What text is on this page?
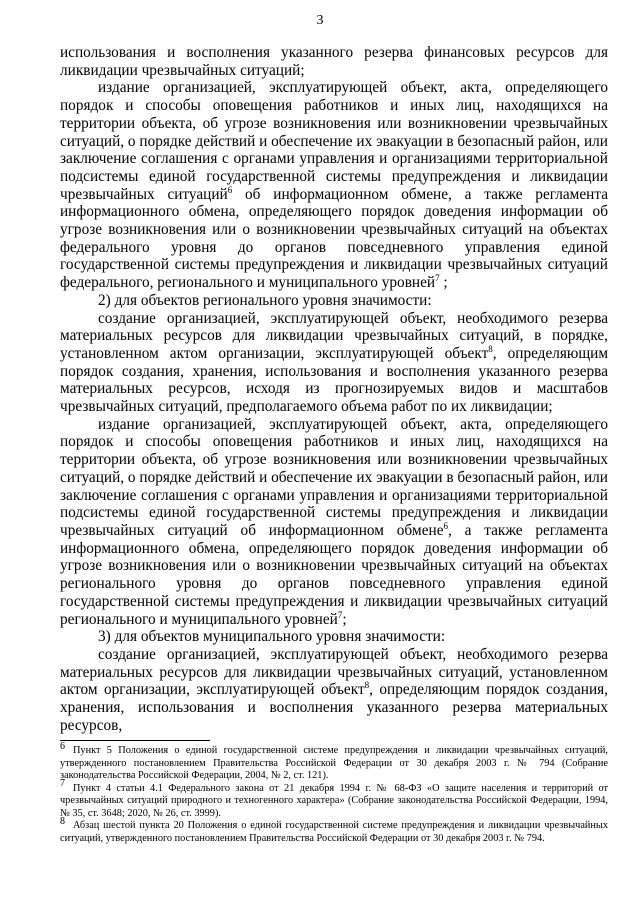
3

использования и восполнения указанного резерва финансовых ресурсов для ликвидации чрезвычайных ситуаций;

издание организацией, эксплуатирующей объект, акта, определяющего порядок и способы оповещения работников и иных лиц, находящихся на территории объекта, об угрозе возникновения или возникновении чрезвычайных ситуаций, о порядке действий и обеспечение их эвакуации в безопасный район, или заключение соглашения с органами управления и организациями территориальной подсистемы единой государственной системы предупреждения и ликвидации чрезвычайных ситуаций$^6$ об информационном обмене, а также регламента информационного обмена, определяющего порядок доведения информации об угрозе возникновения или о возникновении чрезвычайных ситуаций на объектах федерального уровня до органов повседневного управления единой государственной системы предупреждения и ликвидации чрезвычайных ситуаций федерального, регионального и муниципального уровней$^7$ ;

2) для объектов регионального уровня значимости:

создание организацией, эксплуатирующей объект, необходимого резерва материальных ресурсов для ликвидации чрезвычайных ситуаций, в порядке, установленном актом организации, эксплуатирующей объект$^8$, определяющим порядок создания, хранения, использования и восполнения указанного резерва материальных ресурсов, исходя из прогнозируемых видов и масштабов чрезвычайных ситуаций, предполагаемого объема работ по их ликвидации;

издание организацией, эксплуатирующей объект, акта, определяющего порядок и способы оповещения работников и иных лиц, находящихся на территории объекта, об угрозе возникновения или возникновении чрезвычайных ситуаций, о порядке действий и обеспечение их эвакуации в безопасный район, или заключение соглашения с органами управления и организациями территориальной подсистемы единой государственной системы предупреждения и ликвидации чрезвычайных ситуаций об информационном обмене$^6$, а также регламента информационного обмена, определяющего порядок доведения информации об угрозе возникновения или о возникновении чрезвычайных ситуаций на объектах регионального уровня до органов повседневного управления единой государственной системы предупреждения и ликвидации чрезвычайных ситуаций регионального и муниципального уровней$^7$;

3) для объектов муниципального уровня значимости:

создание организацией, эксплуатирующей объект, необходимого резерва материальных ресурсов для ликвидации чрезвычайных ситуаций, установленном актом организации, эксплуатирующей объект$^8$, определяющим порядок создания, хранения, использования и восполнения указанного резерва материальных ресурсов,

6 Пункт 5 Положения о единой государственной системе предупреждения и ликвидации чрезвычайных ситуаций, утвержденного постановлением Правительства Российской Федерации от 30 декабря 2003 г. № 794 (Собрание законодательства Российской Федерации, 2004, № 2, ст. 121).

7 Пункт 4 статьи 4.1 Федерального закона от 21 декабря 1994 г. № 68-ФЗ «О защите населения и территорий от чрезвычайных ситуаций природного и техногенного характера» (Собрание законодательства Российской Федерации, 1994, № 35, ст. 3648; 2020, № 26, ст. 3999).

8 Абзац шестой пункта 20 Положения о единой государственной системе предупреждения и ликвидации чрезвычайных ситуаций, утвержденного постановлением Правительства Российской Федерации от 30 декабря 2003 г. № 794.
